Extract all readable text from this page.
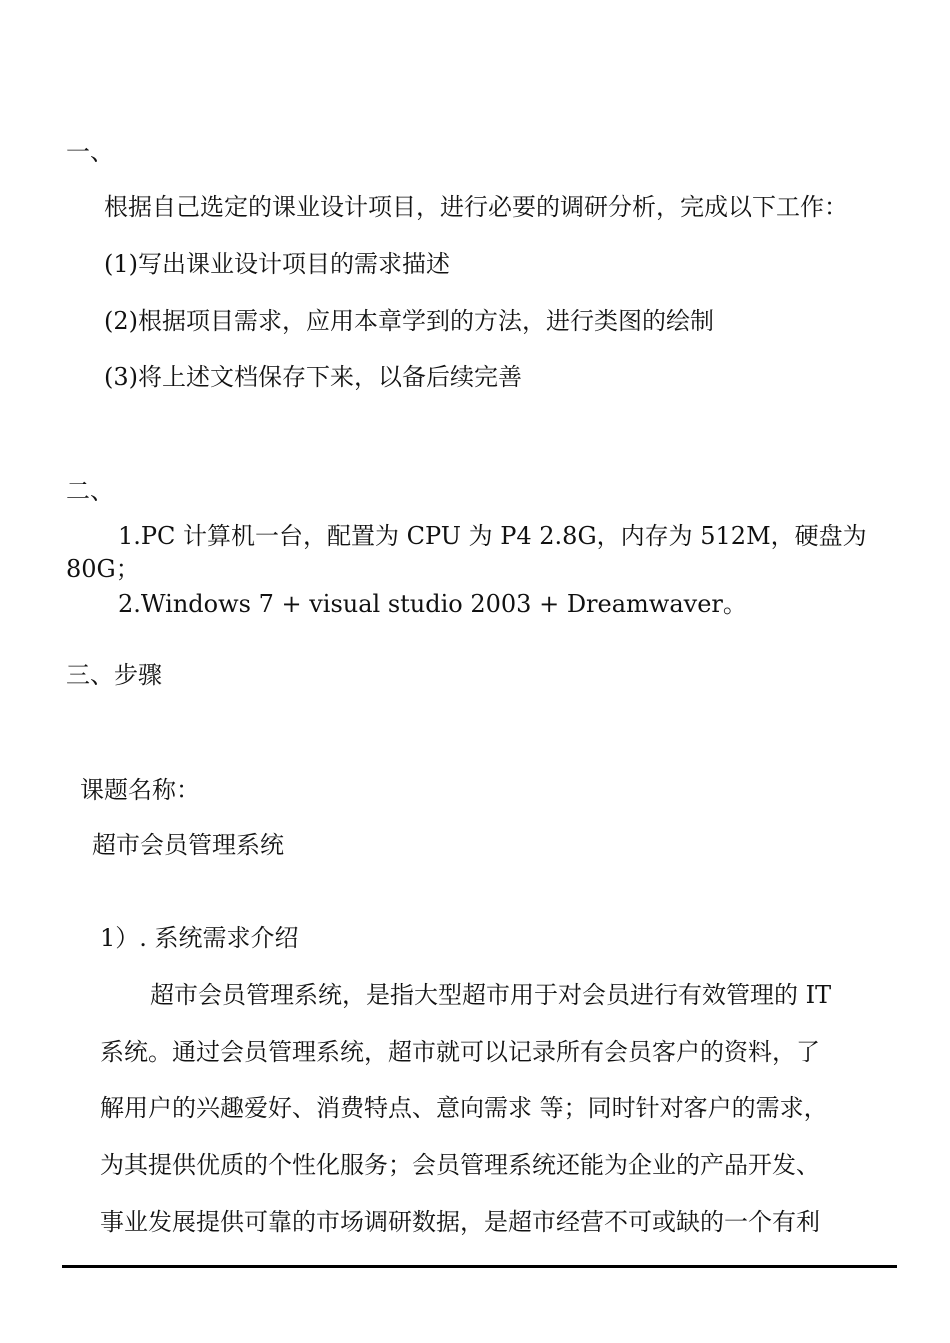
一、
根据自己选定的课业设计项目，进行必要的调研分析，完成以下工作：
(1)写出课业设计项目的需求描述
(2)根据项目需求，应用本章学到的方法，进行类图的绘制
(3)将上述文档保存下来，以备后续完善
二、
1.PC 计算机一台，配置为 CPU 为 P4 2.8G，内存为 512M，硬盘为
80G；
2.Windows 7 + visual studio 2003 + Dreamwaver。
三、步骤
课题名称：
超市会员管理系统
1）. 系统需求介绍
超市会员管理系统，是指大型超市用于对会员进行有效管理的 IT
系统。通过会员管理系统，超市就可以记录所有会员客户的资料，了
解用户的兴趣爱好、消费特点、意向需求 等；同时针对客户的需求，
为其提供优质的个性化服务；会员管理系统还能为企业的产品开发、
事业发展提供可靠的市场调研数据，是超市经营不可或缺的一个有利
